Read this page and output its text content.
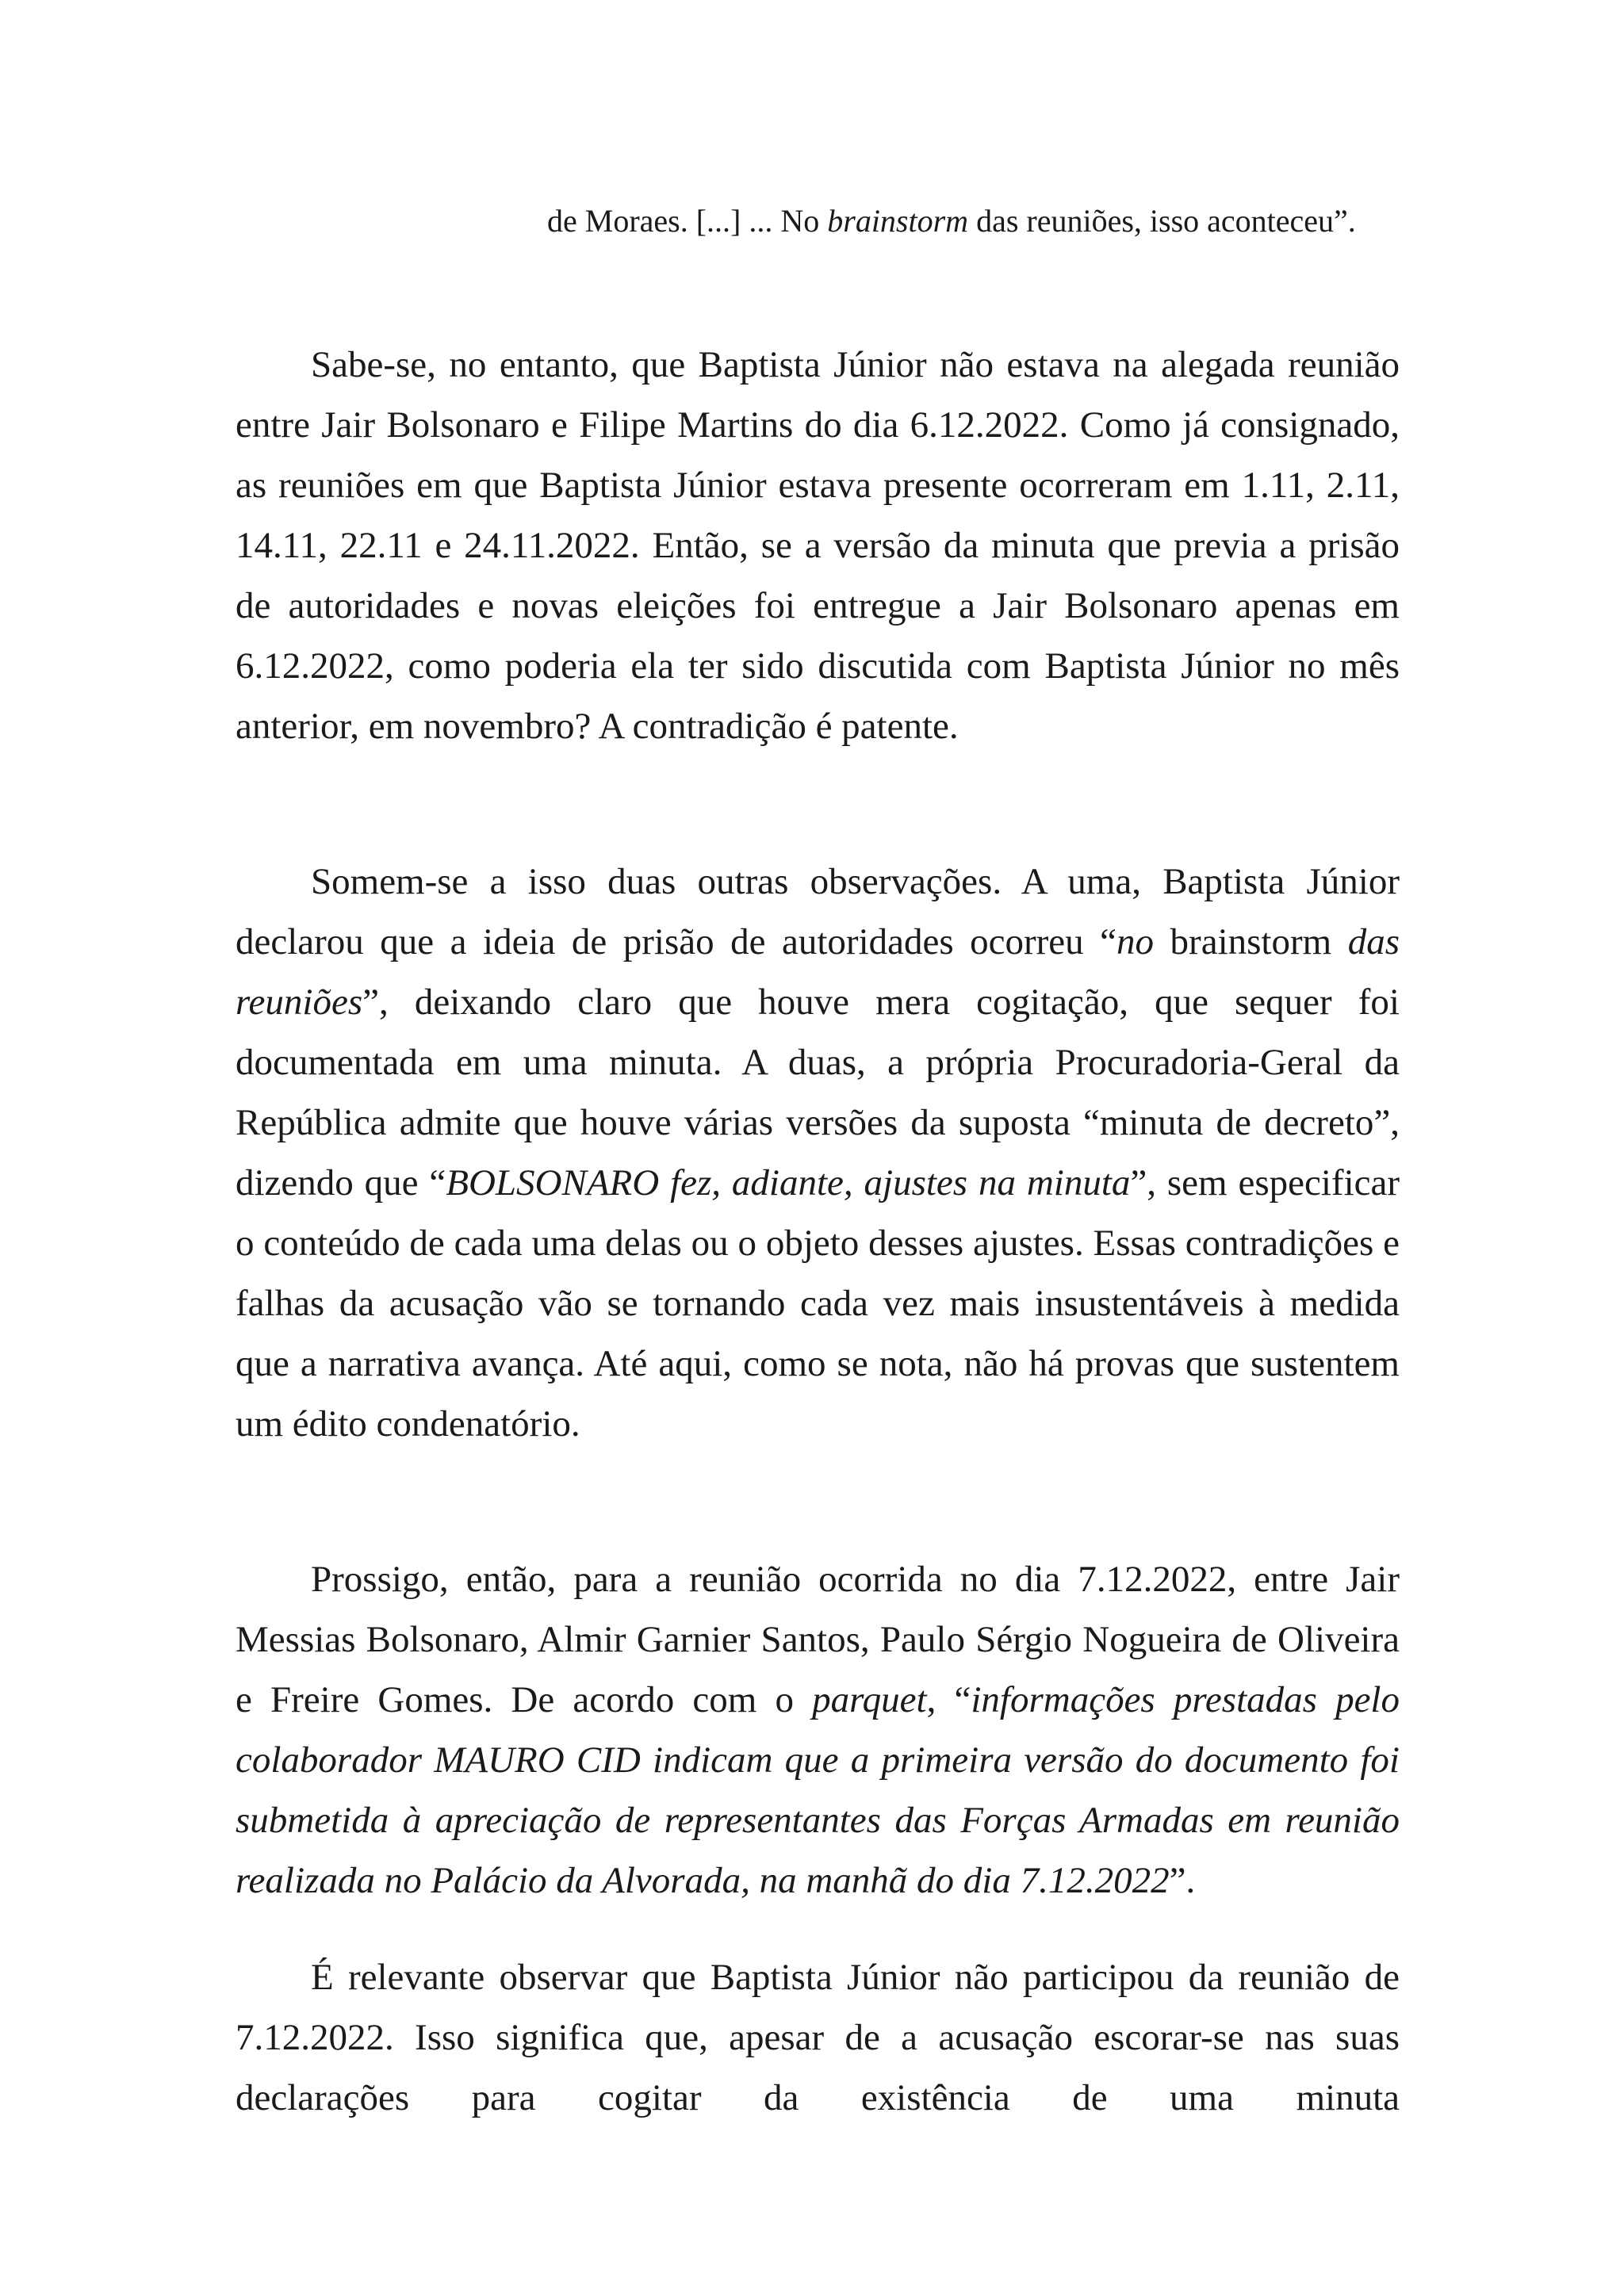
de Moraes. [...] ... No brainstorm das reuniões, isso aconteceu”.

Sabe-se, no entanto, que Baptista Júnior não estava na alegada reunião entre Jair Bolsonaro e Filipe Martins do dia 6.12.2022. Como já consignado, as reuniões em que Baptista Júnior estava presente ocorreram em 1.11, 2.11, 14.11, 22.11 e 24.11.2022. Então, se a versão da minuta que previa a prisão de autoridades e novas eleições foi entregue a Jair Bolsonaro apenas em 6.12.2022, como poderia ela ter sido discutida com Baptista Júnior no mês anterior, em novembro? A contradição é patente.

Somem-se a isso duas outras observações. A uma, Baptista Júnior declarou que a ideia de prisão de autoridades ocorreu “no brainstorm das reuniões”, deixando claro que houve mera cogitação, que sequer foi documentada em uma minuta. A duas, a própria Procuradoria-Geral da República admite que houve várias versões da suposta “minuta de decreto”, dizendo que “BOLSONARO fez, adiante, ajustes na minuta”, sem especificar o conteúdo de cada uma delas ou o objeto desses ajustes. Essas contradições e falhas da acusação vão se tornando cada vez mais insustentáveis à medida que a narrativa avança. Até aqui, como se nota, não há provas que sustentem um édito condenatório.

Prossigo, então, para a reunião ocorrida no dia 7.12.2022, entre Jair Messias Bolsonaro, Almir Garnier Santos, Paulo Sérgio Nogueira de Oliveira e Freire Gomes. De acordo com o parquet, “informações prestadas pelo colaborador MAURO CID indicam que a primeira versão do documento foi submetida à apreciação de representantes das Forças Armadas em reunião realizada no Palácio da Alvorada, na manhã do dia 7.12.2022”.

É relevante observar que Baptista Júnior não participou da reunião de 7.12.2022. Isso significa que, apesar de a acusação escorar-se nas suas declarações para cogitar da existência de uma minuta
